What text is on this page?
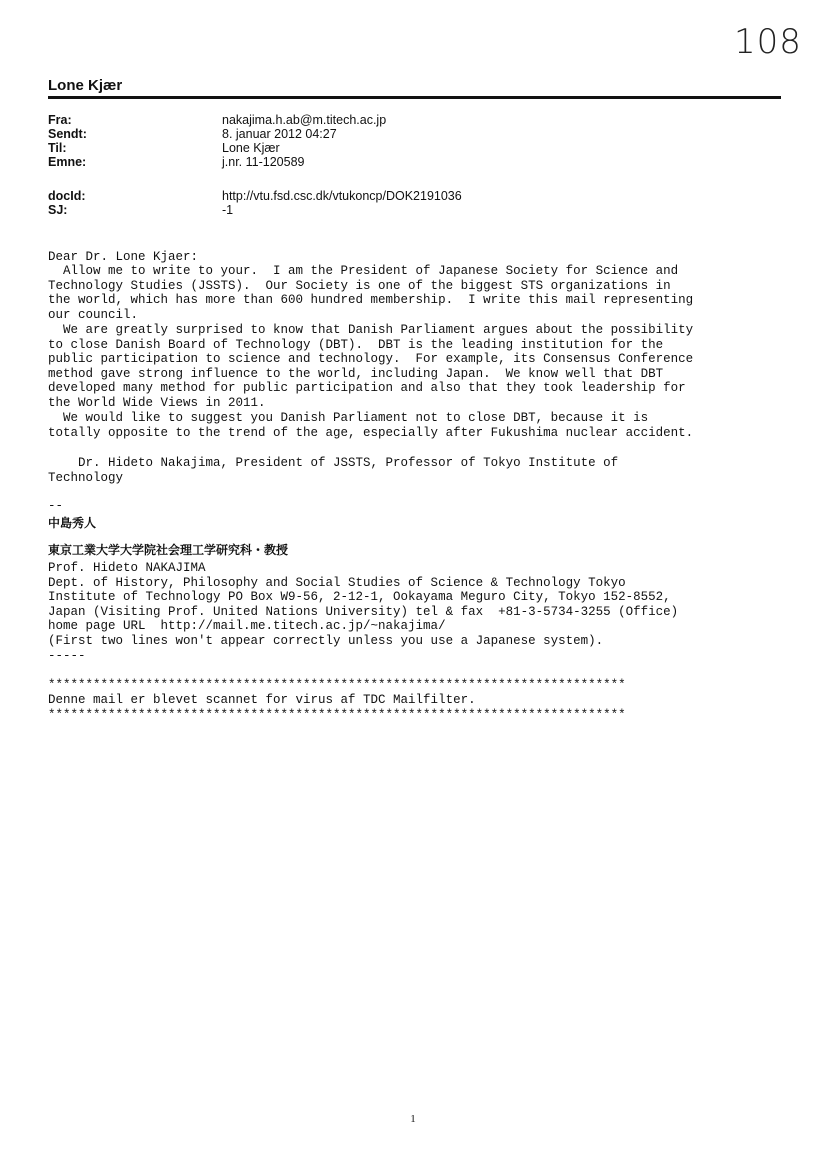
108
Lone Kjær
Fra:	nakajima.h.ab@m.titech.ac.jp
Sendt:	8. januar 2012 04:27
Til:	Lone Kjær
Emne:	j.nr. 11-120589
docId:	http://vtu.fsd.csc.dk/vtukoncp/DOK2191036
SJ:	-1
Dear Dr. Lone Kjaer:
Allow me to write to your.  I am the President of Japanese Society for Science and
Technology Studies (JSSTS).  Our Society is one of the biggest STS organizations in
the world, which has more than 600 hundred membership.  I write this mail representing
our council.
We are greatly surprised to know that Danish Parliament argues about the possibility
to close Danish Board of Technology (DBT).  DBT is the leading institution for the
public participation to science and technology.  For example, its Consensus Conference
method gave strong influence to the world, including Japan.  We know well that DBT
developed many method for public participation and also that they took leadership for
the World Wide Views in 2011.
We would like to suggest you Danish Parliament not to close DBT, because it is
totally opposite to the trend of the age, especially after Fukushima nuclear accident.
Dr. Hideto Nakajima, President of JSSTS, Professor of Tokyo Institute of
Technology
--
中島秀人
東京工業大学大学院社会理工学研究科・教授
Prof. Hideto NAKAJIMA
Dept. of History, Philosophy and Social Studies of Science & Technology Tokyo
Institute of Technology PO Box W9-56, 2-12-1, Ookayama Meguro City, Tokyo 152-8552,
Japan (Visiting Prof. United Nations University) tel & fax  +81-3-5734-3255 (Office)
home page URL  http://mail.me.titech.ac.jp/~nakajima/
(First two lines won't appear correctly unless you use a Japanese system).
-----
*****************************************************************************
Denne mail er blevet scannet for virus af TDC Mailfilter.
*****************************************************************************
1
